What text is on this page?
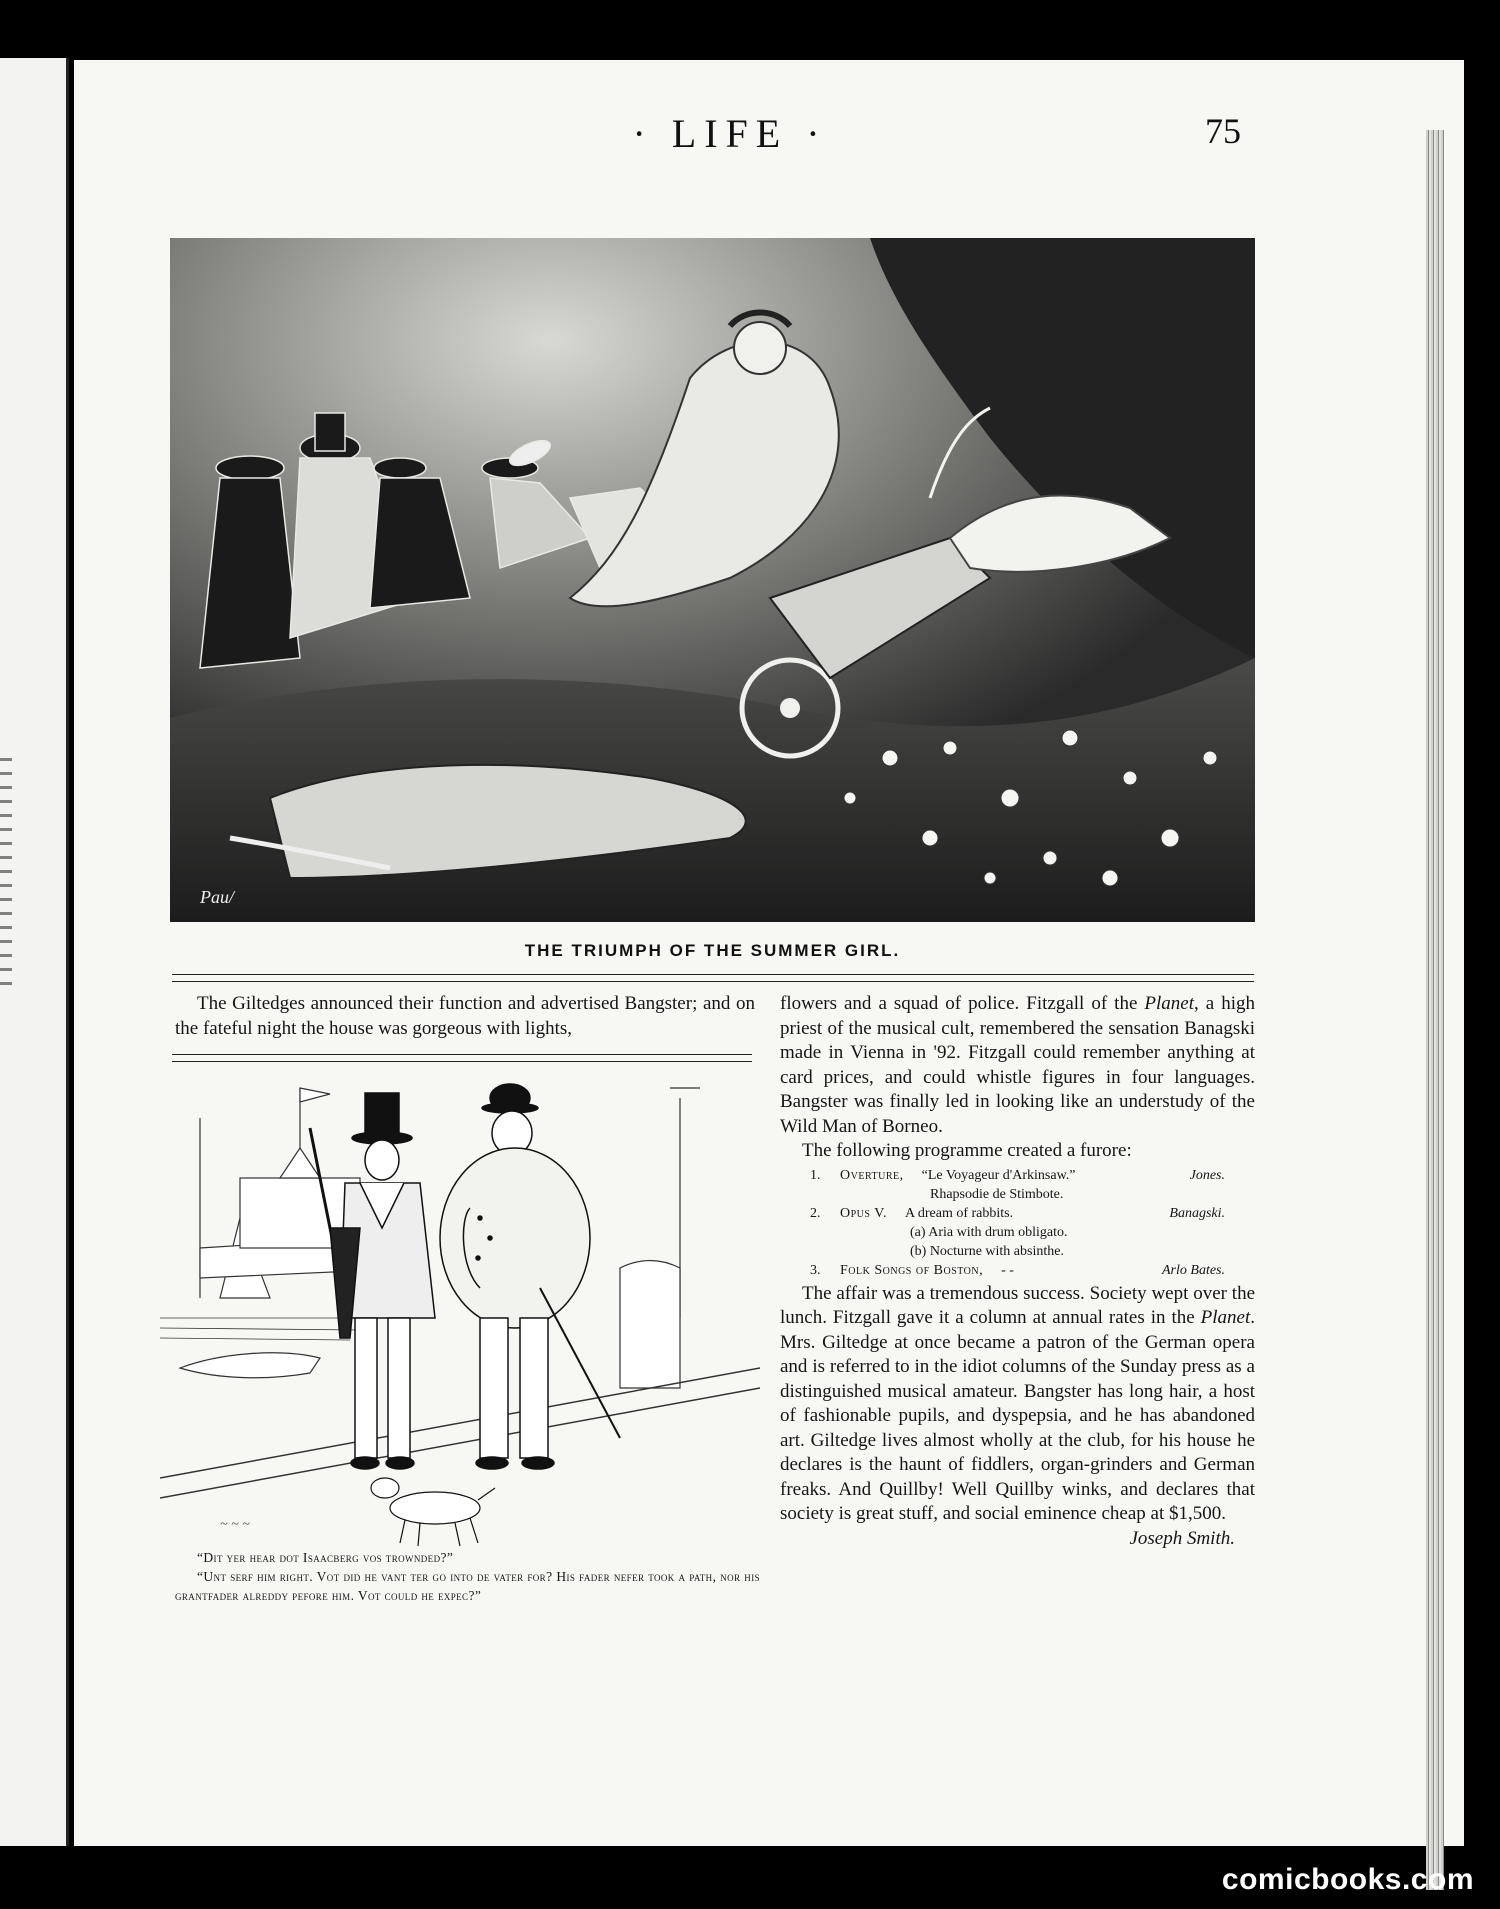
· LIFE ·	75
Pau/
THE TRIUMPH OF THE SUMMER GIRL.

The Giltedges announced their function and advertised Bangster; and on the fateful night the house was gorgeous with lights,

~ ~ ~

“Dit yer hear dot Isaacberg vos trownded?”

“Unt serf him right. Vot did he vant ter go into de vater for? His fader nefer took a path, nor his grantfader alreddy pefore him. Vot could he expec?”

flowers and a squad of police. Fitzgall of the Planet, a high priest of the musical cult, remembered the sensation Banagski made in Vienna in '92. Fitzgall could remember anything at card prices, and could whistle figures in four languages. Bangster was finally led in looking like an understudy of the Wild Man of Borneo.

The following programme created a furore:

1.	Overture,	“Le Voyageur d'Arkinsaw.”	Jones.
Rhapsodie de Stimbote.
2.	Opus V.	A dream of rabbits.	Banagski.
(a) Aria with drum obligato.
(b) Nocturne with absinthe.
3.	Folk Songs of Boston,	- -	Arlo Bates.

The affair was a tremendous success. Society wept over the lunch. Fitzgall gave it a column at annual rates in the Planet. Mrs. Giltedge at once became a patron of the German opera and is referred to in the idiot columns of the Sunday press as a distinguished musical amateur. Bangster has long hair, a host of fashionable pupils, and dyspepsia, and he has abandoned art. Giltedge lives almost wholly at the club, for his house he declares is the haunt of fiddlers, organ-grinders and German freaks. And Quillby! Well Quillby winks, and declares that society is great stuff, and social eminence cheap at $1,500.

Joseph Smith.

comicbooks.com
